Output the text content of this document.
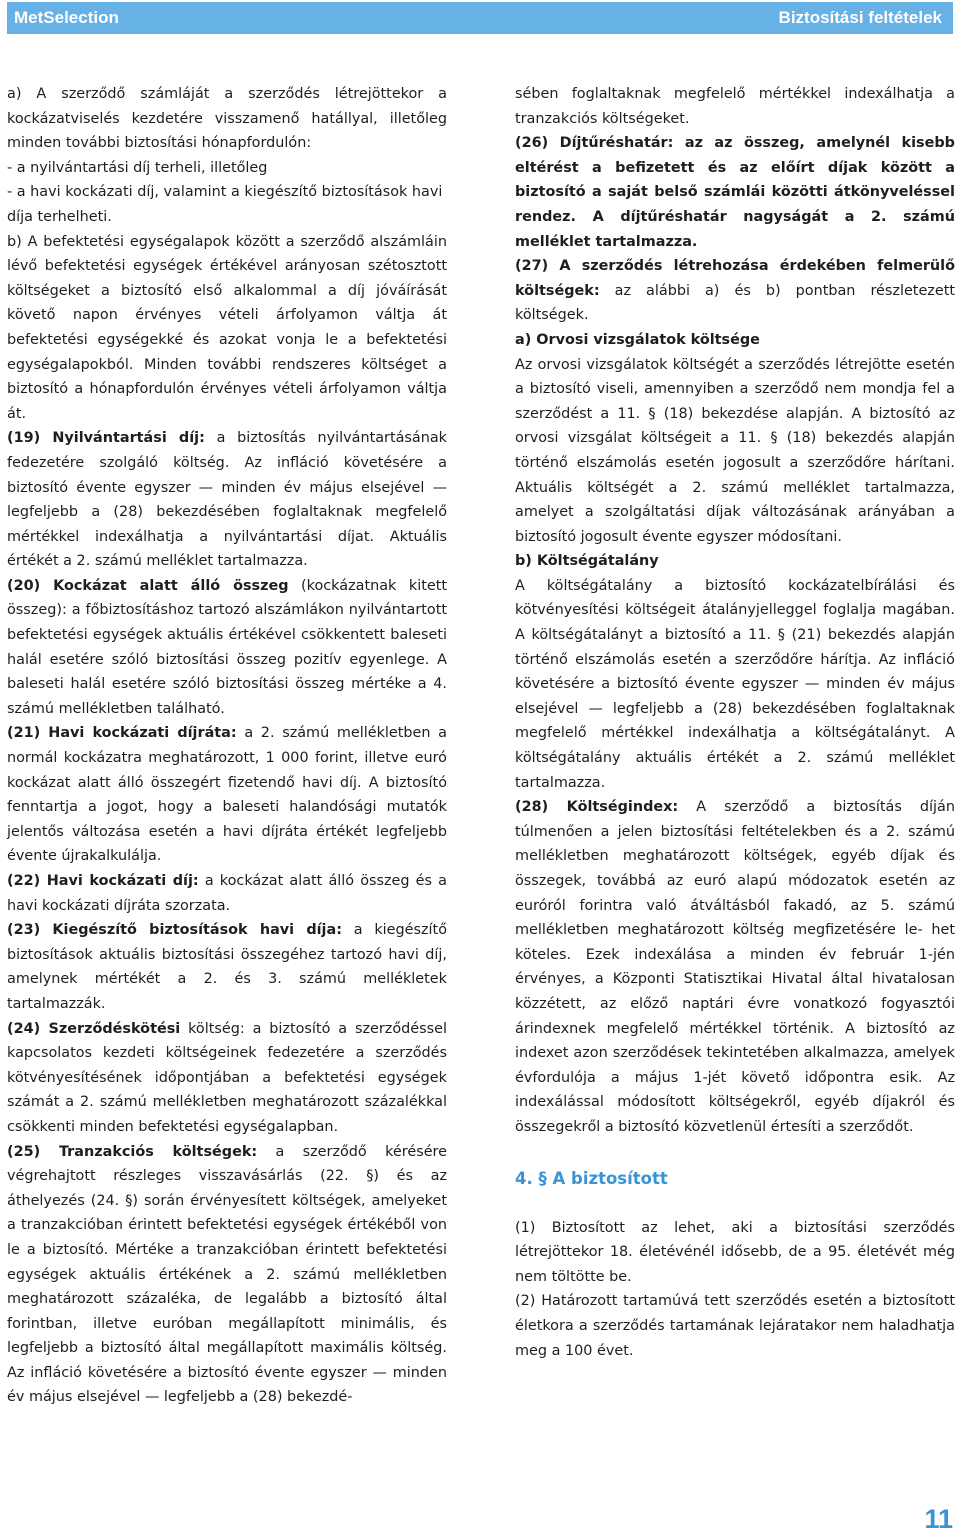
MetSelection	Biztosítási feltételek

a) A szerződő számláját a szerződés létrejöttekor a kockázatviselés kezdetére visszamenő hatállyal, illetőleg minden további biztosítási hónapfordulón:

- a nyilvántartási díj terheli, illetőleg

- a havi kockázati díj, valamint a kiegészítő biztosítások havi díja terhelheti.

b) A befektetési egységalapok között a szerződő alszámláin lévő befektetési egységek értékével arányosan szétosztott költségeket a biztosító első alkalommal a díj jóváírását követő napon érvényes vételi árfolyamon váltja át befektetési egységekké és azokat vonja le a befektetési egységalapokból. Minden további rendszeres költséget a biztosító a hónapfordulón érvényes vételi árfolyamon váltja át.

(19) Nyilvántartási díj: a biztosítás nyilvántartásának fedezetére szolgáló költség. Az infláció követésére a biztosító évente egyszer — minden év május elsejével — legfeljebb a (28) bekezdésében foglaltaknak megfelelő mértékkel indexálhatja a nyilvántartási díjat. Aktuális értékét a 2. számú melléklet tartalmazza.

(20) Kockázat alatt álló összeg (kockázatnak kitett összeg): a főbiztosításhoz tartozó alszámlákon nyilvántartott befektetési egységek aktuális értékével csökkentett baleseti halál esetére szóló biztosítási összeg pozitív egyenlege. A baleseti halál esetére szóló biztosítási összeg mértéke a 4. számú mellékletben található.

(21) Havi kockázati díjráta: a 2. számú mellékletben a normál kockázatra meghatározott, 1 000 forint, illetve euró kockázat alatt álló összegért fizetendő havi díj. A biztosító fenntartja a jogot, hogy a baleseti halandósági mutatók jelentős változása esetén a havi díjráta értékét legfeljebb évente újrakalkulálja.

(22) Havi kockázati díj: a kockázat alatt álló összeg és a havi kockázati díjráta szorzata.

(23) Kiegészítő biztosítások havi díja: a kiegészítő biztosítások aktuális biztosítási összegéhez tartozó havi díj, amelynek mértékét a 2. és 3. számú mellékletek tartalmazzák.

(24) Szerződéskötési költség: a biztosító a szerződéssel kapcsolatos kezdeti költségeinek fedezetére a szerződés kötvényesítésének időpontjában a befektetési egységek számát a 2. számú mellékletben meghatározott százalékkal csökkenti minden befektetési egységalapban.

(25) Tranzakciós költségek: a szerződő kérésére végrehajtott részleges visszavásárlás (22. §) és az áthelyezés (24. §) során érvényesített költségek, amelyeket a tranzakcióban érintett befektetési egységek értékéből von le a biztosító. Mértéke a tranzakcióban érintett befektetési egységek aktuális értékének a 2. számú mellékletben meghatározott százaléka, de legalább a biztosító által forintban, illetve euróban megállapított minimális, és legfeljebb a biztosító által megállapított maximális költség. Az infláció követésére a biztosító évente egyszer — minden év május elsejével — legfeljebb a (28) bekezdé-

sében foglaltaknak megfelelő mértékkel indexálhatja a tranzakciós költségeket.

(26) Díjtűréshatár: az az összeg, amelynél kisebb eltérést a befizetett és az előírt díjak között a biztosító a saját belső számlái közötti átkönyveléssel rendez. A díjtűréshatár nagyságát a 2. számú melléklet tartalmazza.

(27) A szerződés létrehozása érdekében felmerülő költségek: az alábbi a) és b) pontban részletezett költségek.

a) Orvosi vizsgálatok költsége

Az orvosi vizsgálatok költségét a szerződés létrejötte esetén a biztosító viseli, amennyiben a szerződő nem mondja fel a szerződést a 11. § (18) bekezdése alapján. A biztosító az orvosi vizsgálat költségeit a 11. § (18) bekezdés alapján történő elszámolás esetén jogosult a szerződőre hárítani. Aktuális költségét a 2. számú melléklet tartalmazza, amelyet a szolgáltatási díjak változásának arányában a biztosító jogosult évente egyszer módosítani.

b) Költségátalány

A költségátalány a biztosító kockázatelbírálási és kötvényesítési költségeit átalányjelleggel foglalja magában. A költségátalányt a biztosító a 11. § (21) bekezdés alapján történő elszámolás esetén a szerződőre hárítja. Az infláció követésére a biztosító évente egyszer — minden év május elsejével — legfeljebb a (28) bekezdésében foglaltaknak megfelelő mértékkel indexálhatja a költségátalányt. A költségátalány aktuális értékét a 2. számú melléklet tartalmazza.

(28) Költségindex: A szerződő a biztosítás díján túlmenően a jelen biztosítási feltételekben és a 2. számú mellékletben meghatározott költségek, egyéb díjak és összegek, továbbá az euró alapú módozatok esetén az euróról forintra való átváltásból fakadó, az 5. számú mellékletben meghatározott költség megfizetésére le- het köteles. Ezek indexálása a minden év február 1-jén érvényes, a Központi Statisztikai Hivatal által hivatalosan közzétett, az előző naptári évre vonatkozó fogyasztói árindexnek megfelelő mértékkel történik. A biztosító az indexet azon szerződések tekintetében alkalmazza, amelyek évfordulója a május 1-jét követő időpontra esik. Az indexálással módosított költségekről, egyéb díjakról és összegekről a biztosító közvetlenül értesíti a szerződőt.

4. § A biztosított

(1) Biztosított az lehet, aki a biztosítási szerződés létrejöttekor 18. életévénél idősebb, de a 95. életévét még nem töltötte be.

(2) Határozott tartamúvá tett szerződés esetén a biztosított életkora a szerződés tartamának lejáratakor nem haladhatja meg a 100 évet.

11
